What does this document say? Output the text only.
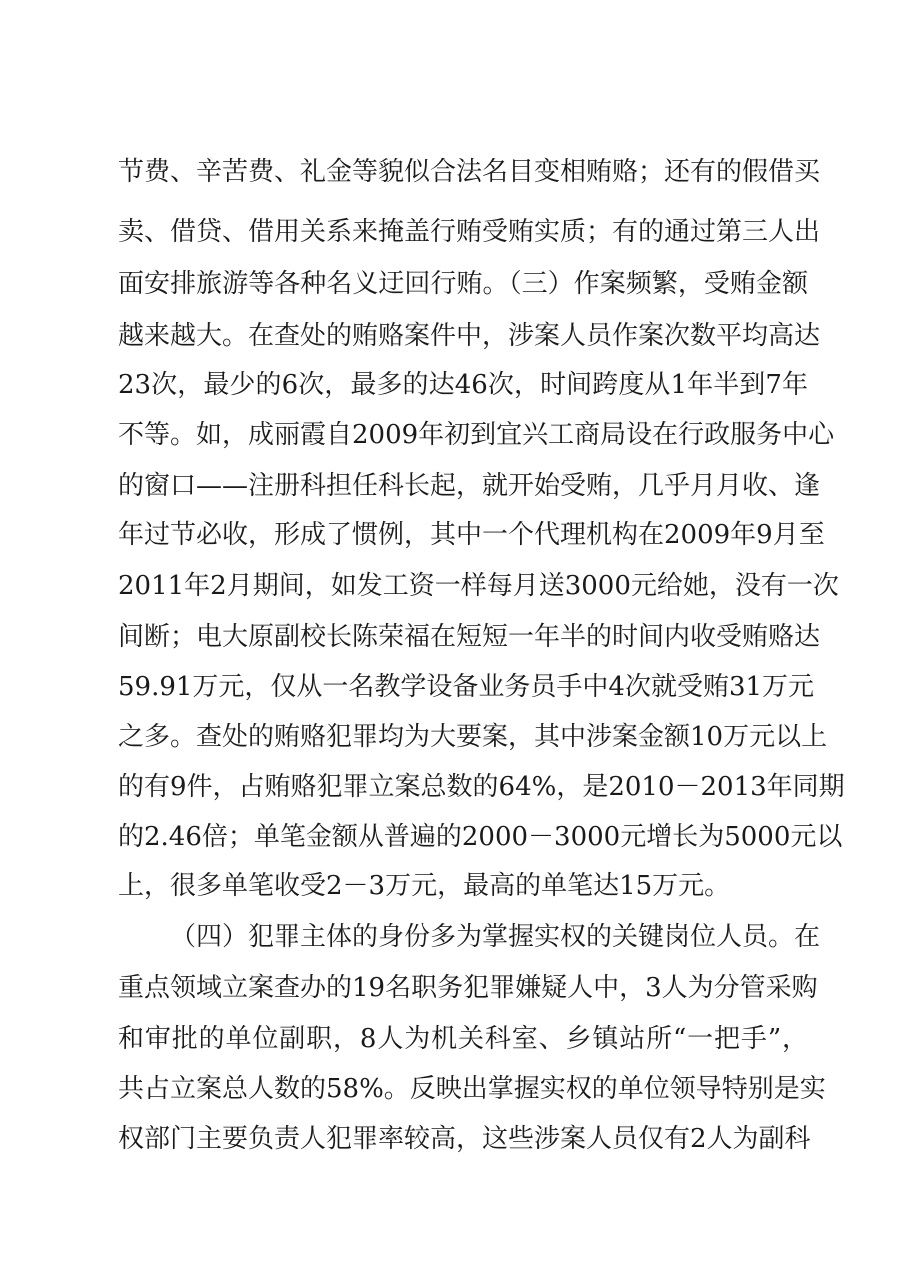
节费、辛苦费、礼金等貌似合法名目变相贿赂；还有的假借买
卖、借贷、借用关系来掩盖行贿受贿实质；有的通过第三人出
面安排旅游等各种名义迂回行贿。（三）作案频繁，受贿金额
越来越大。在查处的贿赂案件中，涉案人员作案次数平均高达
23次，最少的6次，最多的达46次，时间跨度从1年半到7年
不等。如，成丽霞自2009年初到宜兴工商局设在行政服务中心
的窗口——注册科担任科长起，就开始受贿，几乎月月收、逢
年过节必收，形成了惯例，其中一个代理机构在2009年9月至
2011年2月期间，如发工资一样每月送3000元给她，没有一次
间断；电大原副校长陈荣福在短短一年半的时间内收受贿赂达
59.91万元，仅从一名教学设备业务员手中4次就受贿31万元
之多。查处的贿赂犯罪均为大要案，其中涉案金额10万元以上
的有9件，占贿赂犯罪立案总数的64%，是2010－2013年同期
的2.46倍；单笔金额从普遍的2000－3000元增长为5000元以
上，很多单笔收受2－3万元，最高的单笔达15万元。
（四）犯罪主体的身份多为掌握实权的关键岗位人员。在
重点领域立案查办的19名职务犯罪嫌疑人中，3人为分管采购
和审批的单位副职，8人为机关科室、乡镇站所“一把手”，
共占立案总人数的58%。反映出掌握实权的单位领导特别是实
权部门主要负责人犯罪率较高，这些涉案人员仅有2人为副科
